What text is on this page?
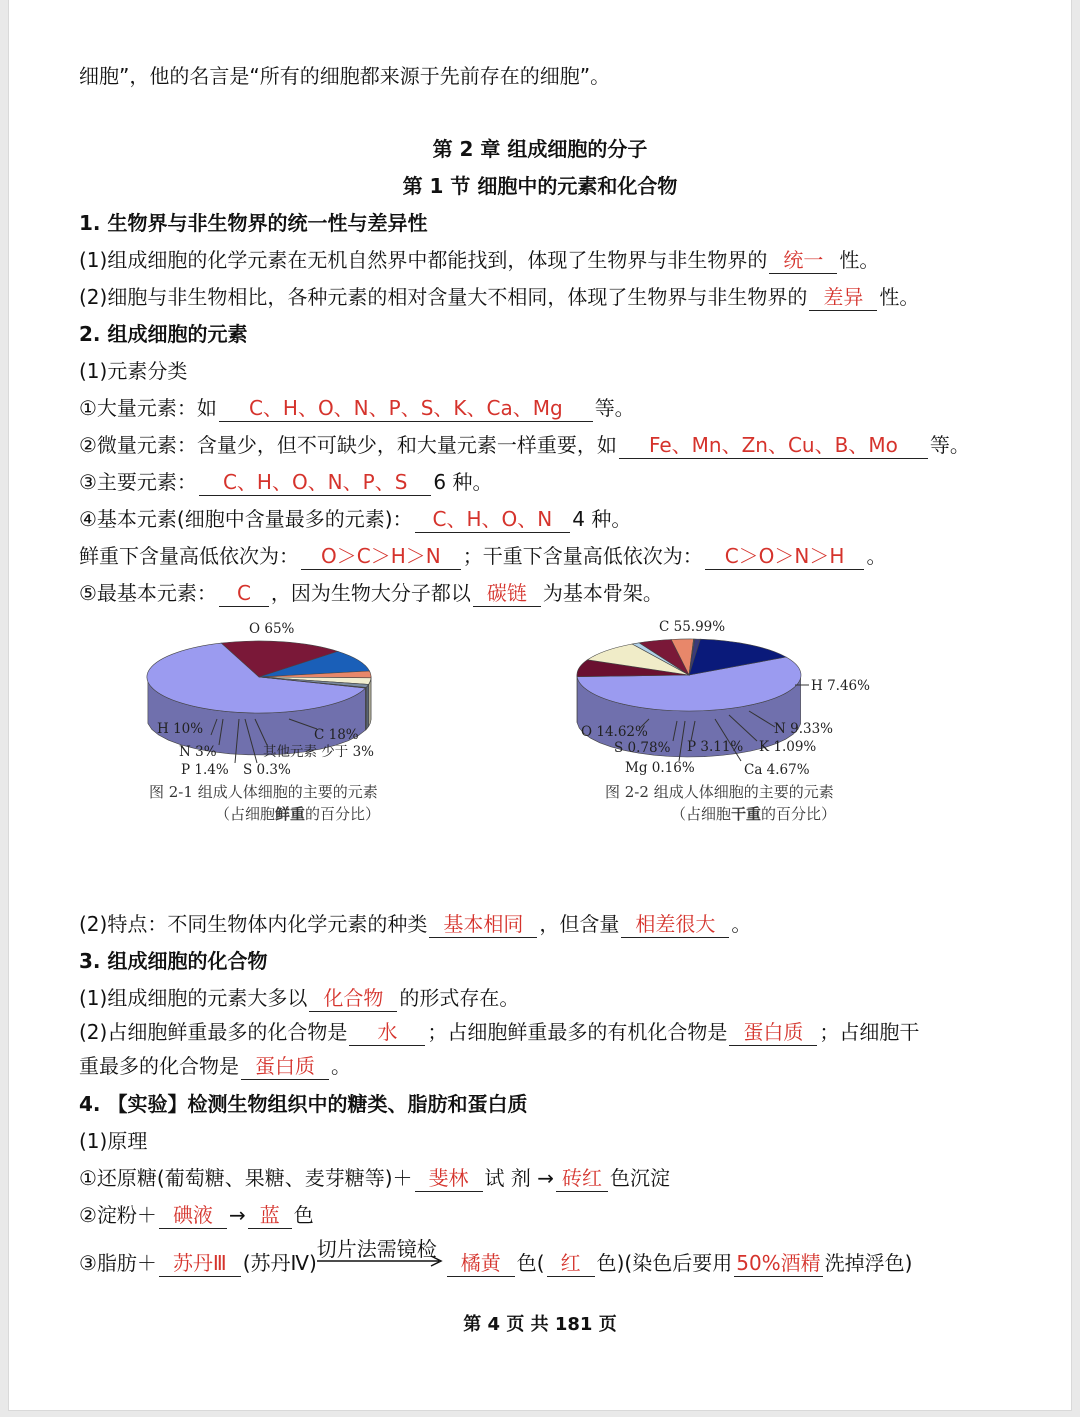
细胞”，他的名言是“所有的细胞都来源于先前存在的细胞”。
第 2 章 组成细胞的分子
第 1 节 细胞中的元素和化合物
1. 生物界与非生物界的统一性与差异性
(1)组成细胞的化学元素在无机自然界中都能找到，体现了生物界与非生物界的 统一 性。
(2)细胞与非生物相比，各种元素的相对含量大不相同，体现了生物界与非生物界的 差异 性。
2. 组成细胞的元素
(1)元素分类
①大量元素：如 C、H、O、N、P、S、K、Ca、Mg 等。
②微量元素：含量少，但不可缺少，和大量元素一样重要，如 Fe、Mn、Zn、Cu、B、Mo 等。
③主要元素： C、H、O、N、P、S 6 种。
④基本元素(细胞中含量最多的元素)： C、H、O、N 4 种。
鲜重下含量高低依次为： O＞C＞H＞N ；干重下含量高低依次为： C＞O＞N＞H 。
⑤最基本元素： C ，因为生物大分子都以 碳链 为基本骨架。
O 65%
C 18%
H 10%
N 3%	其他元素 少于 3%
P 1.4% S 0.3%
图 2-1 组成人体细胞的主要的元素
（占细胞鲜重的百分比）
C 55.99%
H 7.46%
N 9.33%
K 1.09%
Ca 4.67%
P 3.11%
Mg 0.16%
S 0.78%
O 14.62%
图 2-2 组成人体细胞的主要的元素
（占细胞干重的百分比）
(2)特点：不同生物体内化学元素的种类 基本相同 ，但含量 相差很大 。
3. 组成细胞的化合物
(1)组成细胞的元素大多以 化合物 的形式存在。
(2)占细胞鲜重最多的化合物是 水 ；占细胞鲜重最多的有机化合物是 蛋白质 ；占细胞干
重最多的化合物是 蛋白质 。
4. 【实验】检测生物组织中的糖类、脂肪和蛋白质
(1)原理
①还原糖(葡萄糖、果糖、麦芽糖等)＋ 斐林 试 剂 → 砖红 色沉淀
②淀粉＋ 碘液 → 蓝 色
③脂肪＋ 苏丹Ⅲ (苏丹Ⅳ)
切片法需镜检
橘黄 色( 红 色)(染色后要用 50%酒精 洗掉浮色)
第 4 页 共 181 页
